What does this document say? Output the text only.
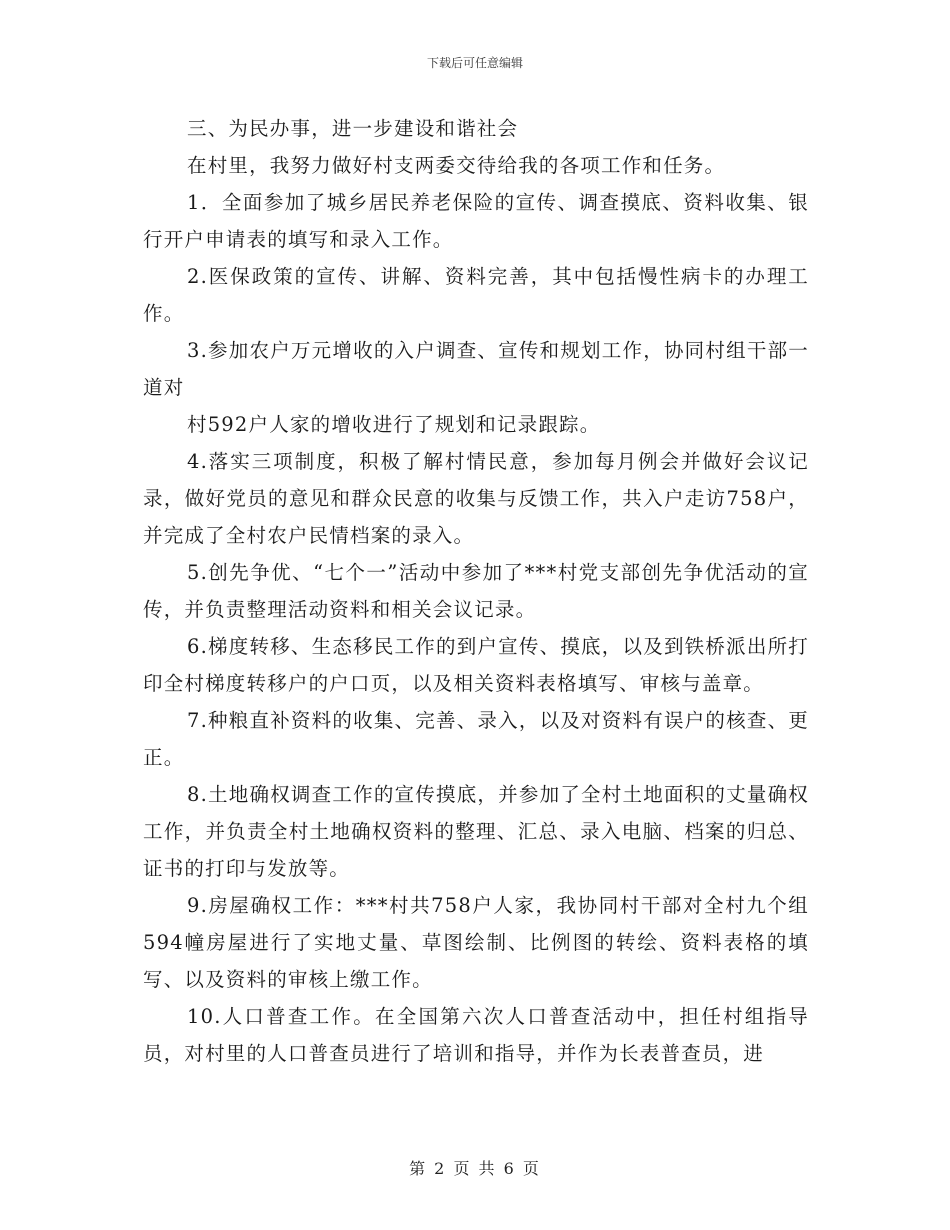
下载后可任意编辑

三、为民办事，进一步建设和谐社会

在村里，我努力做好村支两委交待给我的各项工作和任务。

1．全面参加了城乡居民养老保险的宣传、调查摸底、资料收集、银行开户申请表的填写和录入工作。

2.医保政策的宣传、讲解、资料完善，其中包括慢性病卡的办理工作。

3.参加农户万元增收的入户调查、宣传和规划工作，协同村组干部一道对

村592户人家的增收进行了规划和记录跟踪。

4.落实三项制度，积极了解村情民意，参加每月例会并做好会议记录，做好党员的意见和群众民意的收集与反馈工作，共入户走访758户，并完成了全村农户民情档案的录入。

5.创先争优、“七个一”活动中参加了***村党支部创先争优活动的宣传，并负责整理活动资料和相关会议记录。

6.梯度转移、生态移民工作的到户宣传、摸底，以及到铁桥派出所打印全村梯度转移户的户口页，以及相关资料表格填写、审核与盖章。

7.种粮直补资料的收集、完善、录入，以及对资料有误户的核查、更正。

8.土地确权调查工作的宣传摸底，并参加了全村土地面积的丈量确权工作，并负责全村土地确权资料的整理、汇总、录入电脑、档案的归总、证书的打印与发放等。

9.房屋确权工作：***村共758户人家，我协同村干部对全村九个组594幢房屋进行了实地丈量、草图绘制、比例图的转绘、资料表格的填写、以及资料的审核上缴工作。

10.人口普查工作。在全国第六次人口普查活动中，担任村组指导员，对村里的人口普查员进行了培训和指导，并作为长表普查员，进

第 2 页 共 6 页
